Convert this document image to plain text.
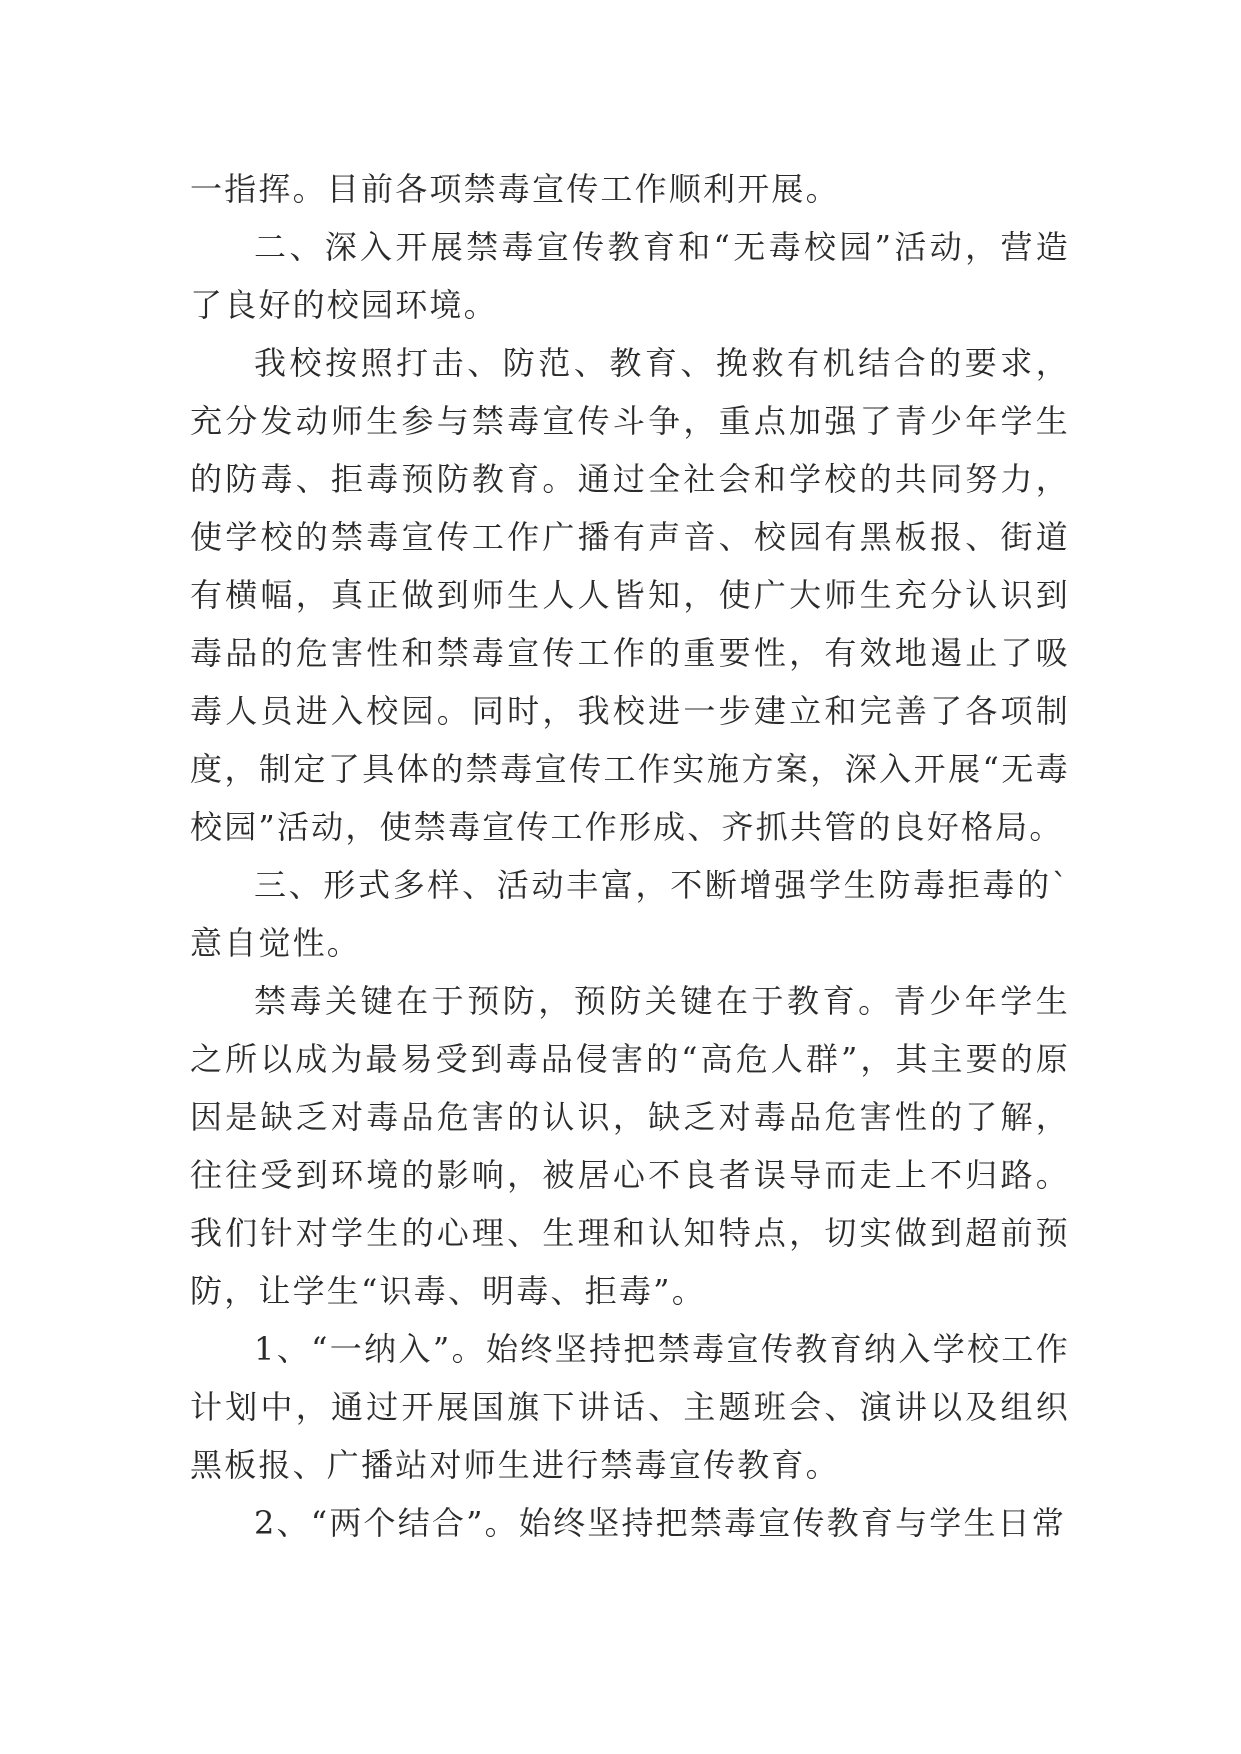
一指挥。目前各项禁毒宣传工作顺利开展。

二、深入开展禁毒宣传教育和“无毒校园”活动，营造了良好的校园环境。

我校按照打击、防范、教育、挽救有机结合的要求，充分发动师生参与禁毒宣传斗争，重点加强了青少年学生的防毒、拒毒预防教育。通过全社会和学校的共同努力，使学校的禁毒宣传工作广播有声音、校园有黑板报、街道有横幅，真正做到师生人人皆知，使广大师生充分认识到毒品的危害性和禁毒宣传工作的重要性，有效地遏止了吸毒人员进入校园。同时，我校进一步建立和完善了各项制度，制定了具体的禁毒宣传工作实施方案，深入开展“无毒校园”活动，使禁毒宣传工作形成、齐抓共管的良好格局。

三、形式多样、活动丰富，不断增强学生防毒拒毒的`意自觉性。

禁毒关键在于预防，预防关键在于教育。青少年学生之所以成为最易受到毒品侵害的“高危人群”，其主要的原因是缺乏对毒品危害的认识，缺乏对毒品危害性的了解，往往受到环境的影响，被居心不良者误导而走上不归路。我们针对学生的心理、生理和认知特点，切实做到超前预防，让学生“识毒、明毒、拒毒”。

1、“一纳入”。始终坚持把禁毒宣传教育纳入学校工作计划中，通过开展国旗下讲话、主题班会、演讲以及组织黑板报、广播站对师生进行禁毒宣传教育。

2、“两个结合”。始终坚持把禁毒宣传教育与学生日常
